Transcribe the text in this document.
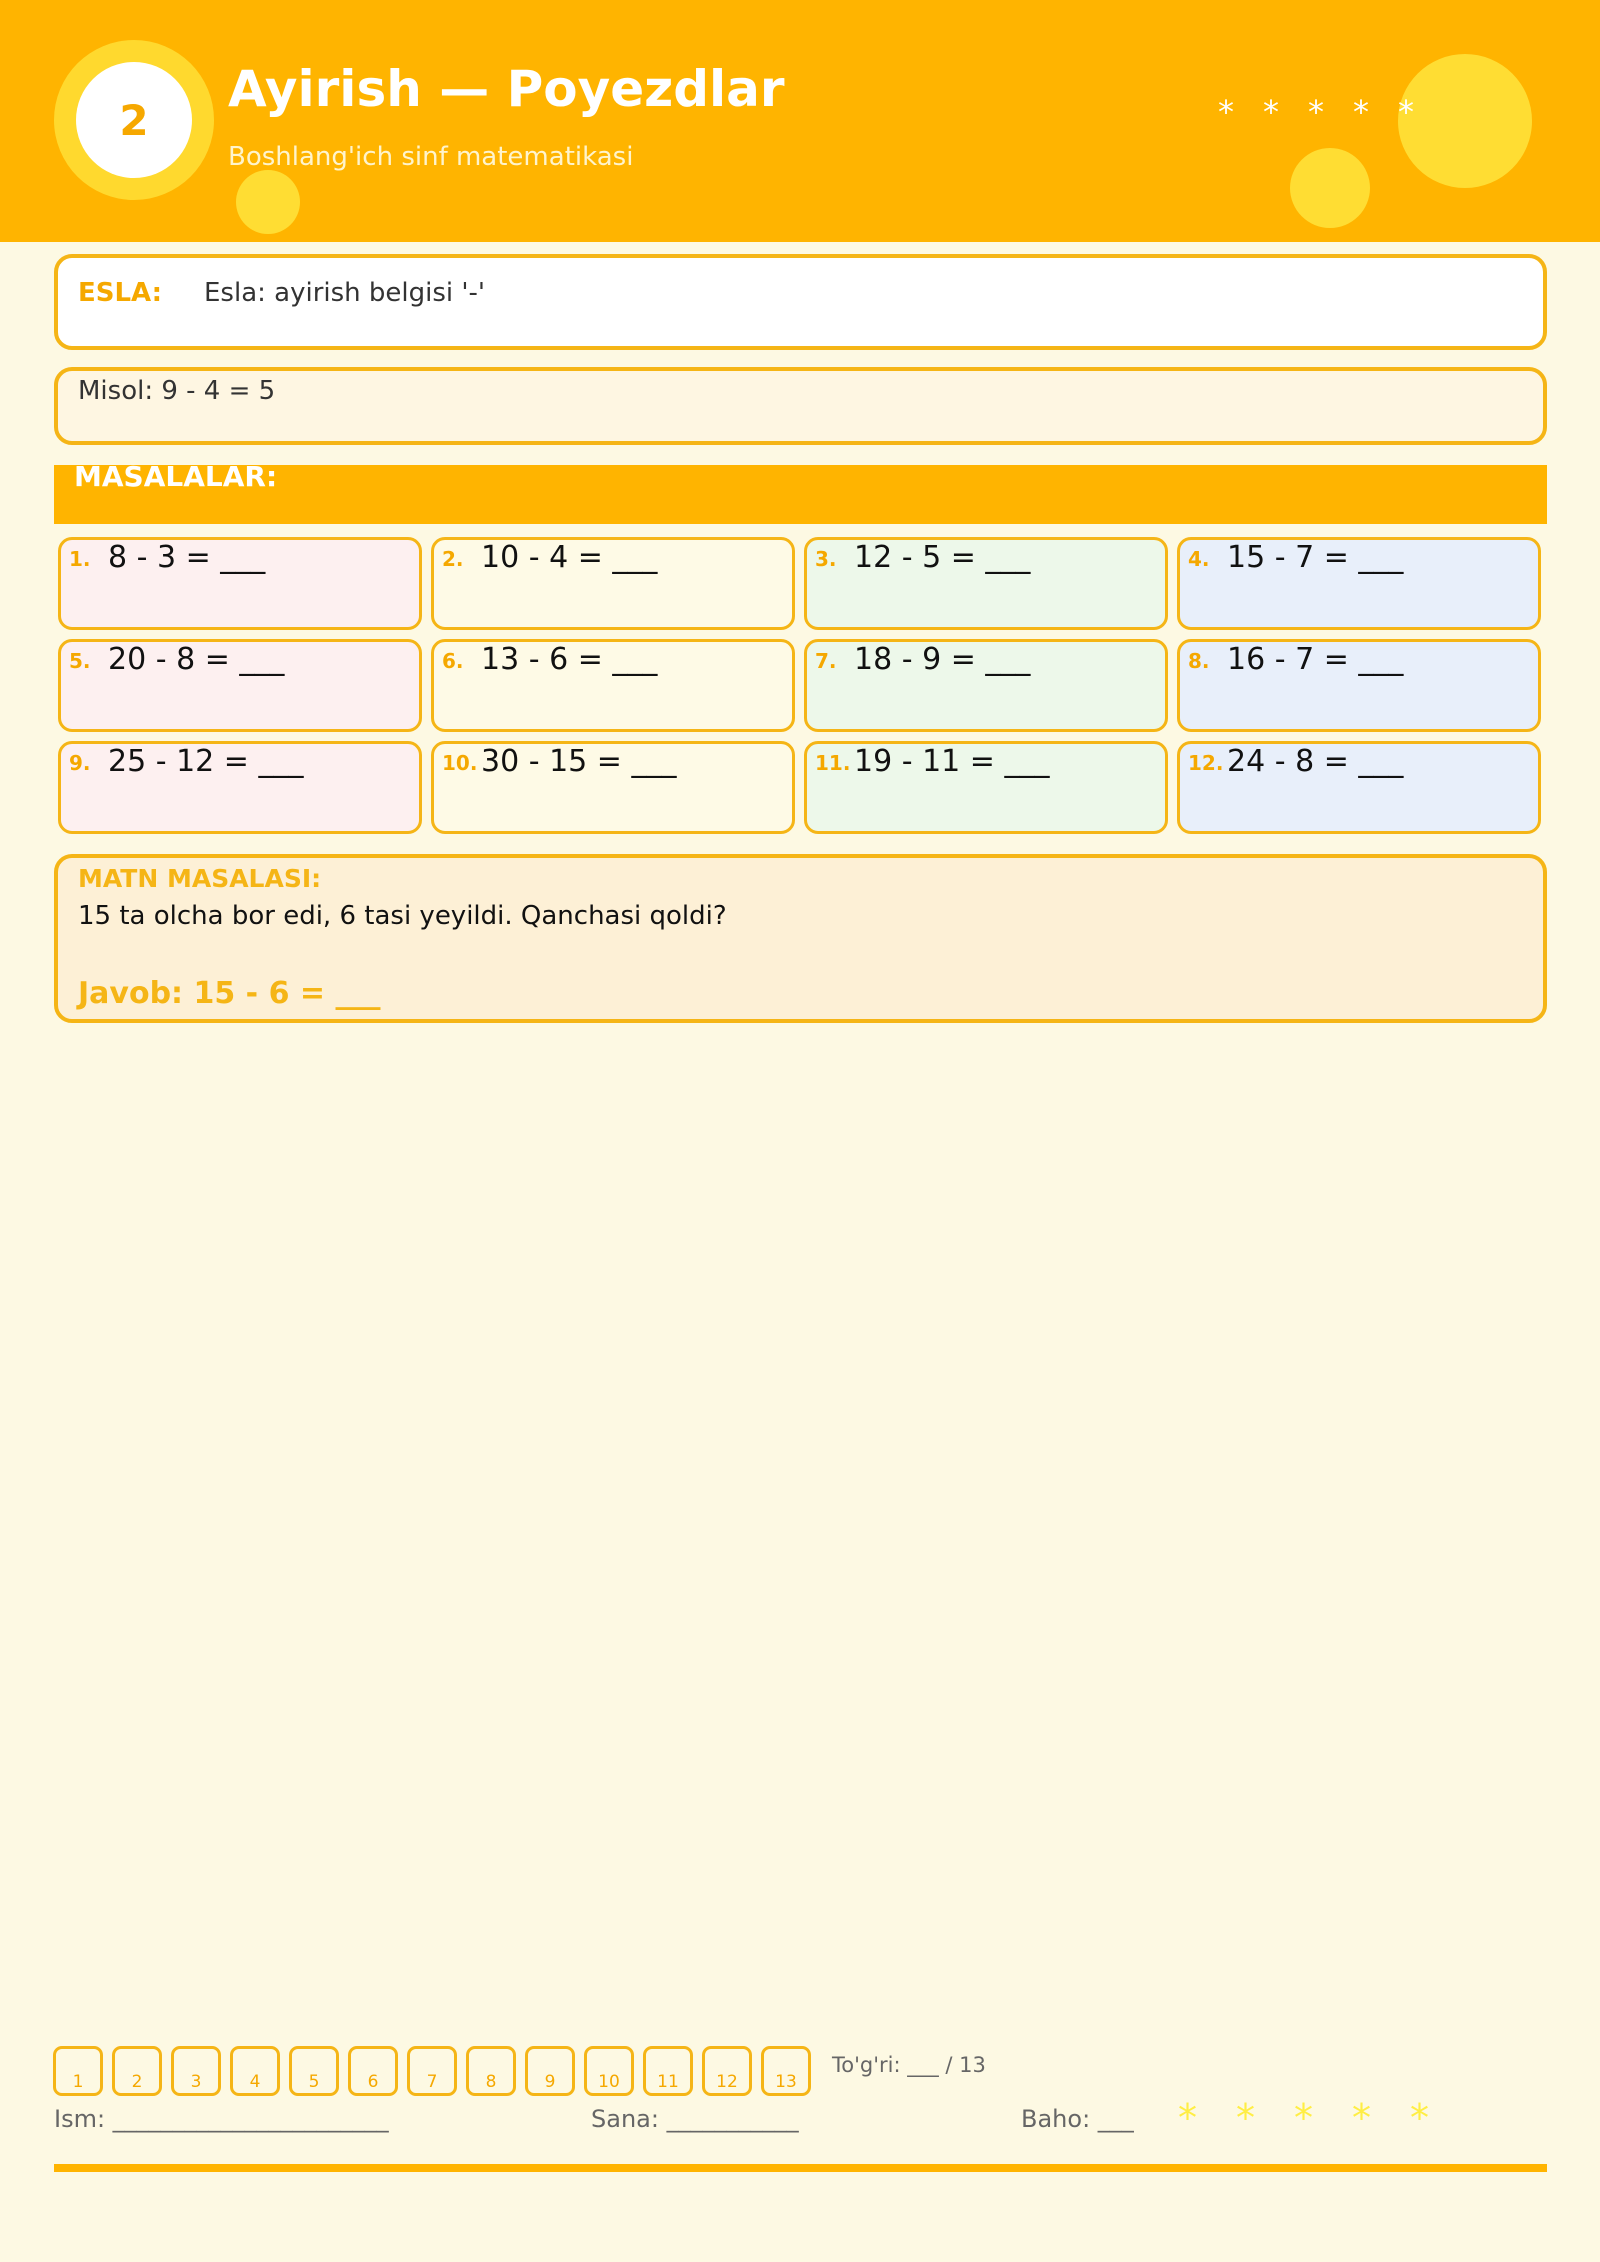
2
Ayirish — Poyezdlar
Boshlang'ich sinf matematikasi
* * * * *
ESLA: Esla: ayirish belgisi '-'
Misol: 9 - 4 = 5
MASALALAR:
1. 8 - 3 = ___	2. 10 - 4 = ___	3. 12 - 5 = ___	4. 15 - 7 = ___
5. 20 - 8 = ___	6. 13 - 6 = ___	7. 18 - 9 = ___	8. 16 - 7 = ___
9. 25 - 12 = ___	10. 30 - 15 = ___	11. 19 - 11 = ___	12. 24 - 8 = ___
MATN MASALASI:
15 ta olcha bor edi, 6 tasi yeyildi. Qanchasi qoldi?
Javob: 15 - 6 = ___
1	2	3	4	5	6	7	8	9	10	11	12	13
To'g'ri: ___ / 13
Ism: _______________________	Sana: ___________	Baho: ___ * * * * *
